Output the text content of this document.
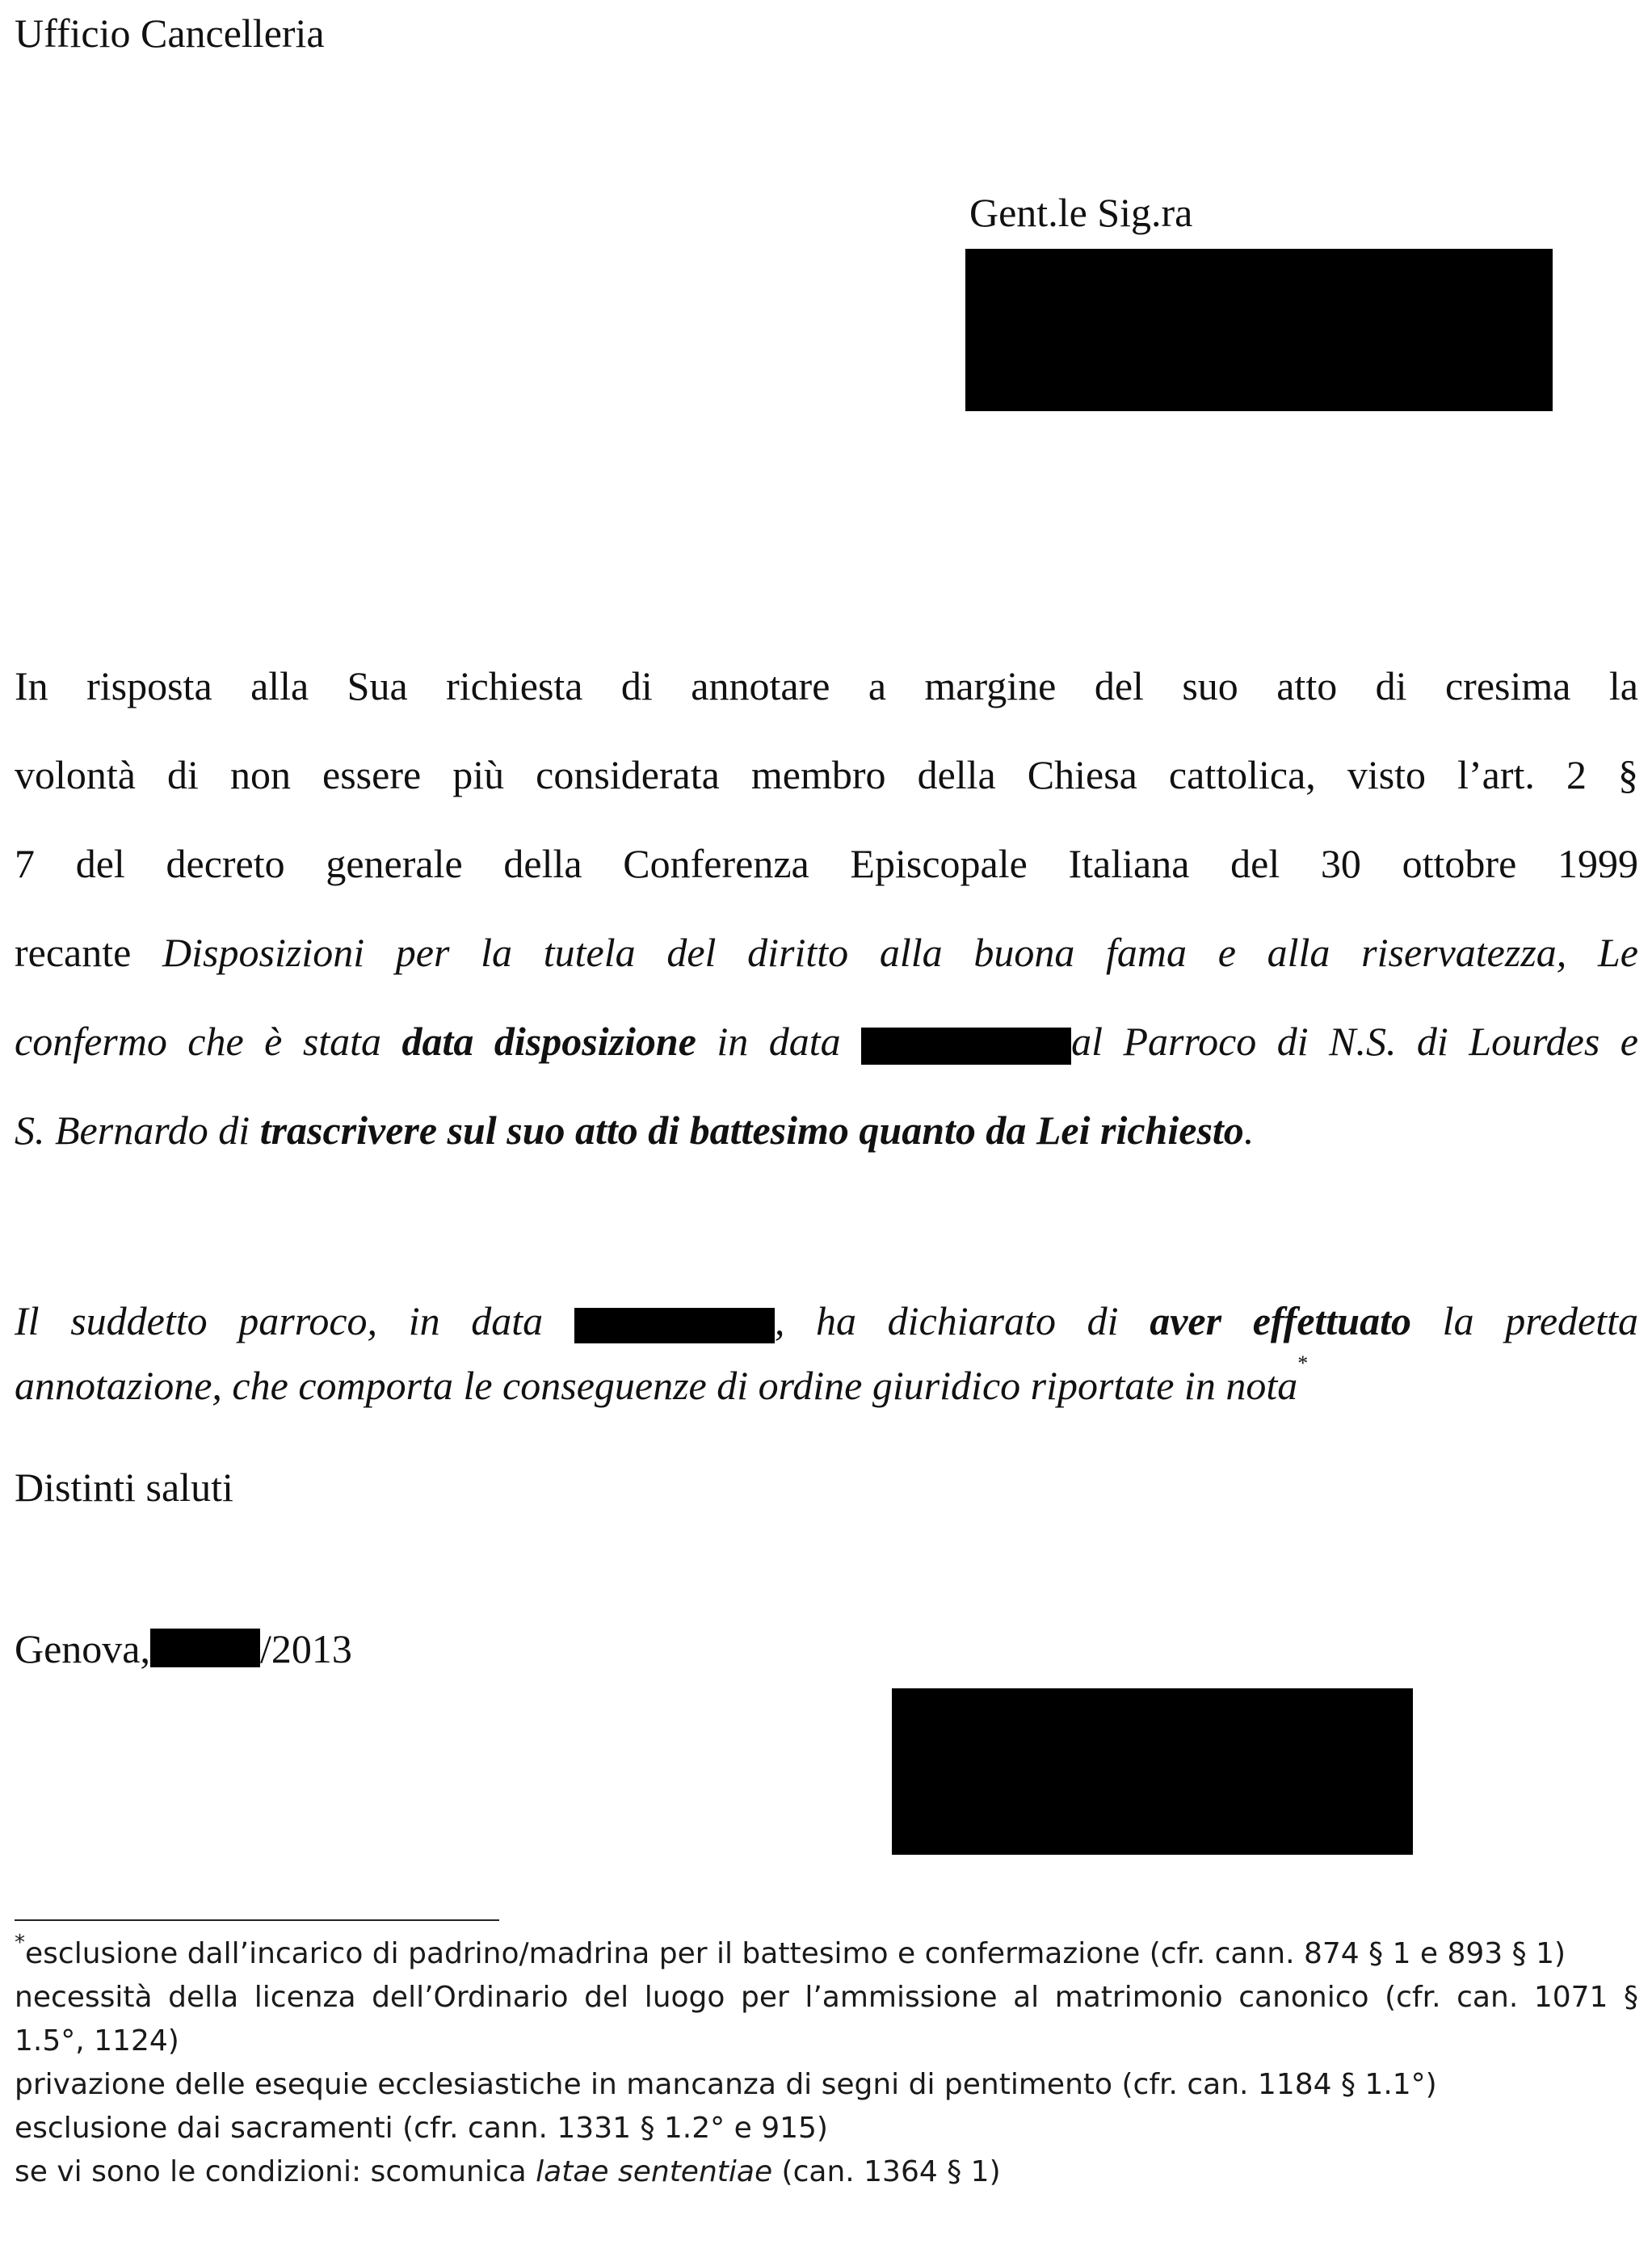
Ufficio Cancelleria
Gent.le Sig.ra
In risposta alla Sua richiesta di annotare a margine del suo atto di cresima la
volontà di non essere più considerata membro della Chiesa cattolica, visto l’art. 2 §
7 del decreto generale della Conferenza Episcopale Italiana del 30 ottobre 1999
recante Disposizioni per la tutela del diritto alla buona fama e alla riservatezza, Le
confermo che è stata data disposizione in data	al Parroco di N.S. di Lourdes e
S. Bernardo di trascrivere sul suo atto di battesimo quanto da Lei richiesto.
Il suddetto parroco, in data	, ha dichiarato di aver effettuato la predetta
annotazione, che comporta le conseguenze di ordine giuridico riportate in nota*
Distinti saluti
Genova,	/2013
*esclusione dall’incarico di padrino/madrina per il battesimo e confermazione (cfr. cann. 874 § 1 e 893 § 1)
necessità della licenza dell’Ordinario del luogo per l’ammissione al matrimonio canonico (cfr. can. 1071 §
1.5°, 1124)
privazione delle esequie ecclesiastiche in mancanza di segni di pentimento (cfr. can. 1184 § 1.1°)
esclusione dai sacramenti (cfr. cann. 1331 § 1.2° e 915)
se vi sono le condizioni: scomunica latae sententiae (can. 1364 § 1)
